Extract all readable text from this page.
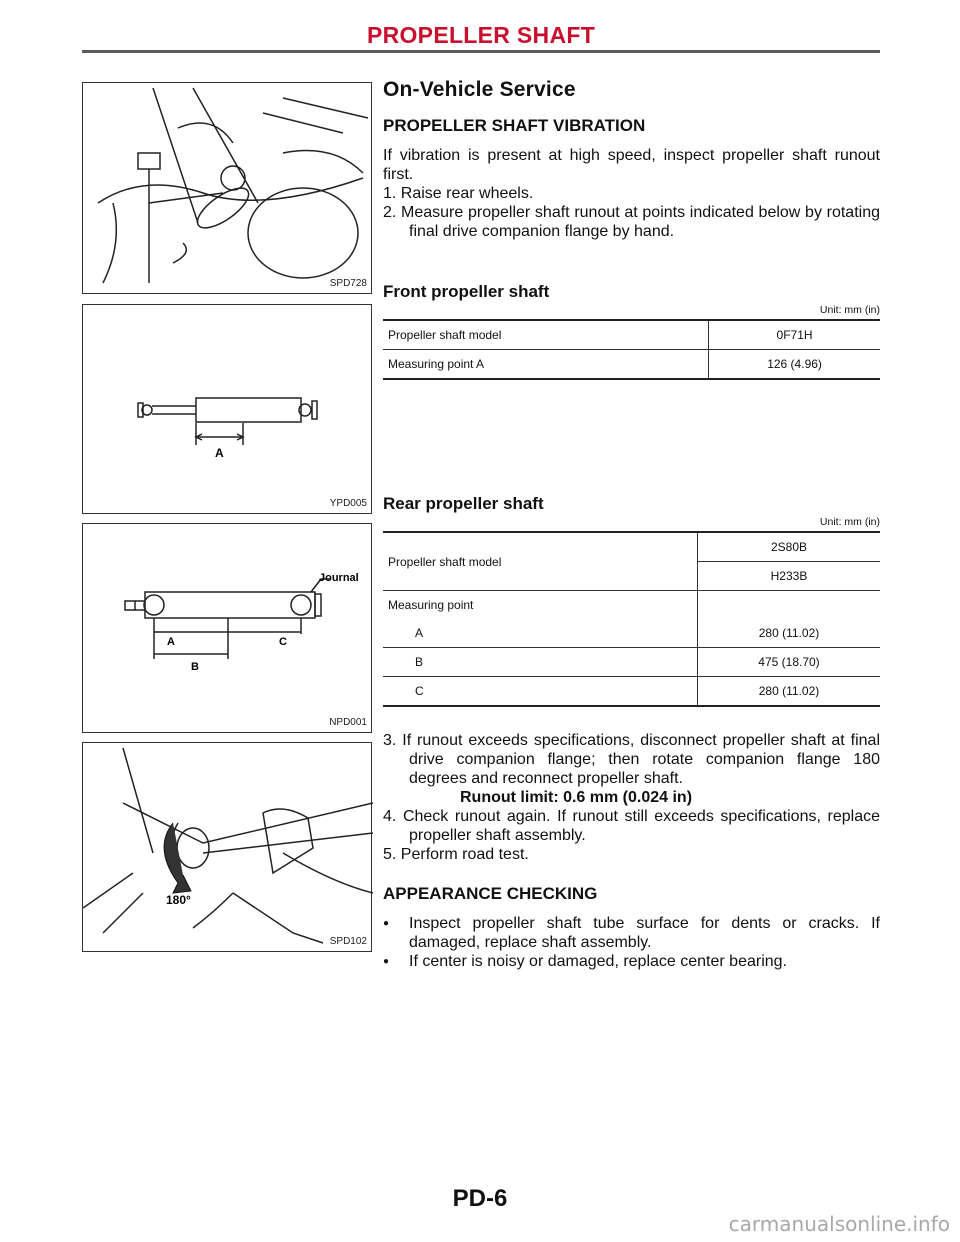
PROPELLER SHAFT
SPD728
A
YPD005
Journal
A
B
C
NPD001
180°
SPD102
On-Vehicle Service
PROPELLER SHAFT VIBRATION

If vibration is present at high speed, inspect propeller shaft runout first.

1. Raise rear wheels.

2. Measure propeller shaft runout at points indicated below by rotating final drive companion flange by hand.

Front propeller shaft
Unit: mm (in)
Propeller shaft model	0F71H
Measuring point A	126 (4.96)
Rear propeller shaft
Unit: mm (in)
Propeller shaft model	2S80B
	H233B
Measuring point	
A	280 (11.02)
B	475 (18.70)
C	280 (11.02)

3. If runout exceeds specifications, disconnect propeller shaft at final drive companion flange; then rotate companion flange 180 degrees and reconnect propeller shaft.

Runout limit: 0.6 mm (0.024 in)

4. Check runout again. If runout still exceeds specifications, replace propeller shaft assembly.

5. Perform road test.

APPEARANCE CHECKING
● Inspect propeller shaft tube surface for dents or cracks. If damaged, replace shaft assembly.
● If center is noisy or damaged, replace center bearing.
PD-6
carmanualsonline.info
